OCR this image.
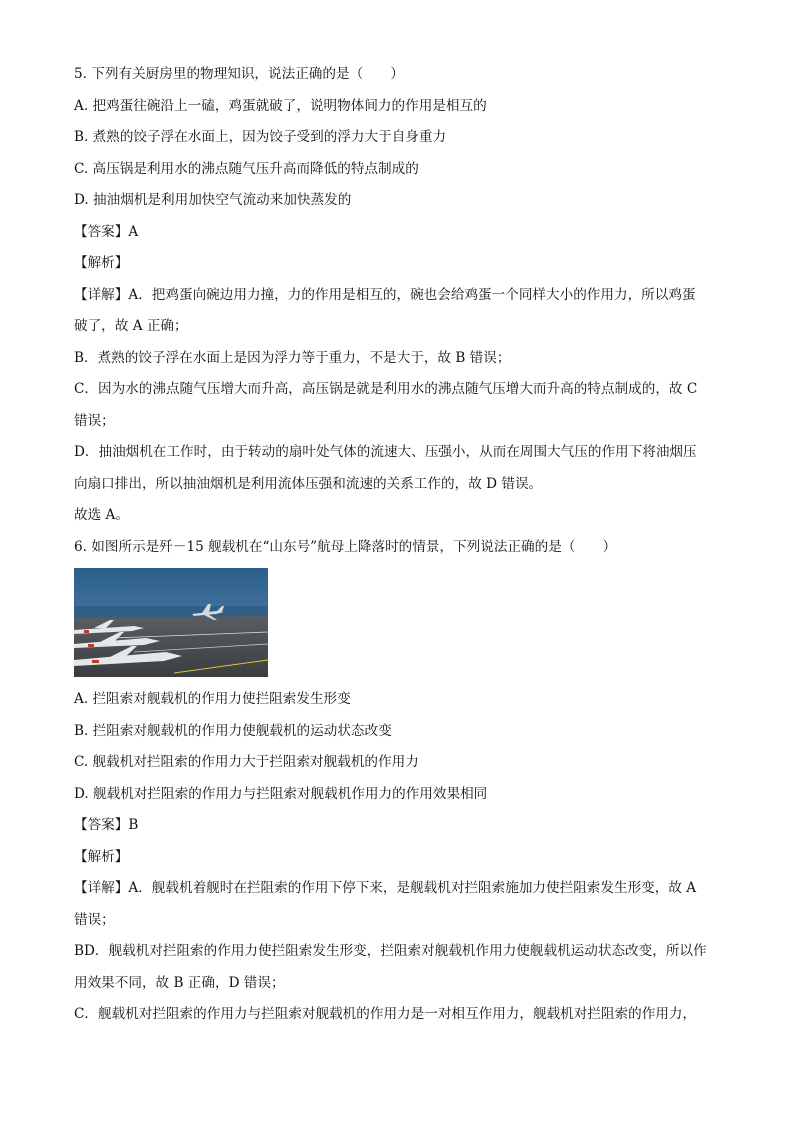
5. 下列有关厨房里的物理知识，说法正确的是（　　）
A. 把鸡蛋往碗沿上一磕，鸡蛋就破了，说明物体间力的作用是相互的
B. 煮熟的饺子浮在水面上，因为饺子受到的浮力大于自身重力
C. 高压锅是利用水的沸点随气压升高而降低的特点制成的
D. 抽油烟机是利用加快空气流动来加快蒸发的
【答案】A
【解析】
【详解】A．把鸡蛋向碗边用力撞，力的作用是相互的，碗也会给鸡蛋一个同样大小的作用力，所以鸡蛋
破了，故 A 正确；
B．煮熟的饺子浮在水面上是因为浮力等于重力，不是大于，故 B 错误；
C．因为水的沸点随气压增大而升高，高压锅是就是利用水的沸点随气压增大而升高的特点制成的，故 C
错误；
D．抽油烟机在工作时，由于转动的扇叶处气体的流速大、压强小，从而在周围大气压的作用下将油烟压
向扇口排出，所以抽油烟机是利用流体压强和流速的关系工作的，故 D 错误。
故选 A。
6. 如图所示是歼－15 舰载机在“山东号”航母上降落时的情景，下列说法正确的是（　　）
A. 拦阻索对舰载机的作用力使拦阻索发生形变
B. 拦阻索对舰载机的作用力使舰载机的运动状态改变
C. 舰载机对拦阻索的作用力大于拦阻索对舰载机的作用力
D. 舰载机对拦阻索的作用力与拦阻索对舰载机作用力的作用效果相同
【答案】B
【解析】
【详解】A．舰载机着舰时在拦阻索的作用下停下来，是舰载机对拦阻索施加力使拦阻索发生形变，故 A
错误；
BD．舰载机对拦阻索的作用力使拦阻索发生形变，拦阻索对舰载机作用力使舰载机运动状态改变，所以作
用效果不同，故 B 正确，D 错误；
C．舰载机对拦阻索的作用力与拦阻索对舰载机的作用力是一对相互作用力，舰载机对拦阻索的作用力，
